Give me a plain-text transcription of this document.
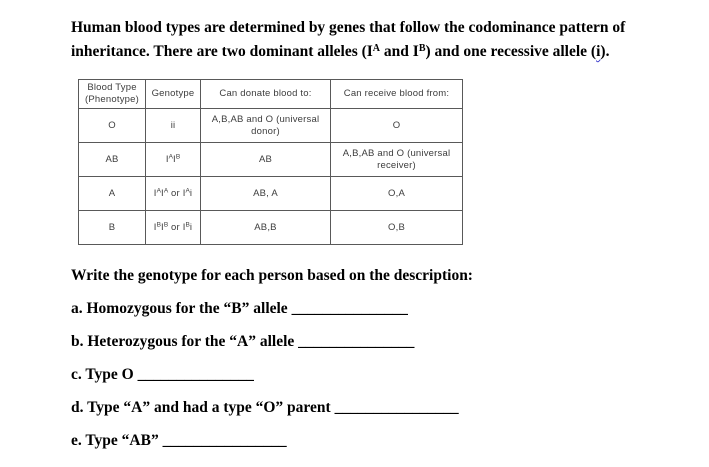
Human blood types are determined by genes that follow the codominance pattern of
inheritance. There are two dominant alleles ($I^A$ and $I^B$) and one recessive allele (i).
Blood Type (Phenotype)	Genotype	Can donate blood to:	Can receive blood from:
O	ii	A,B,AB and O (universal donor)	O
AB	$I^AI^B$	AB	A,B,AB and O (universal receiver)
A	$I^AI^A$ or $I^Ai$	AB, A	O,A
B	$I^BI^B$ or $I^Bi$	AB,B	O,B
Write the genotype for each person based on the description:
a. Homozygous for the “B” allele _______________
b. Heterozygous for the “A” allele _______________
c. Type O _______________
d. Type “A” and had a type “O” parent ________________
e. Type “AB” ________________
